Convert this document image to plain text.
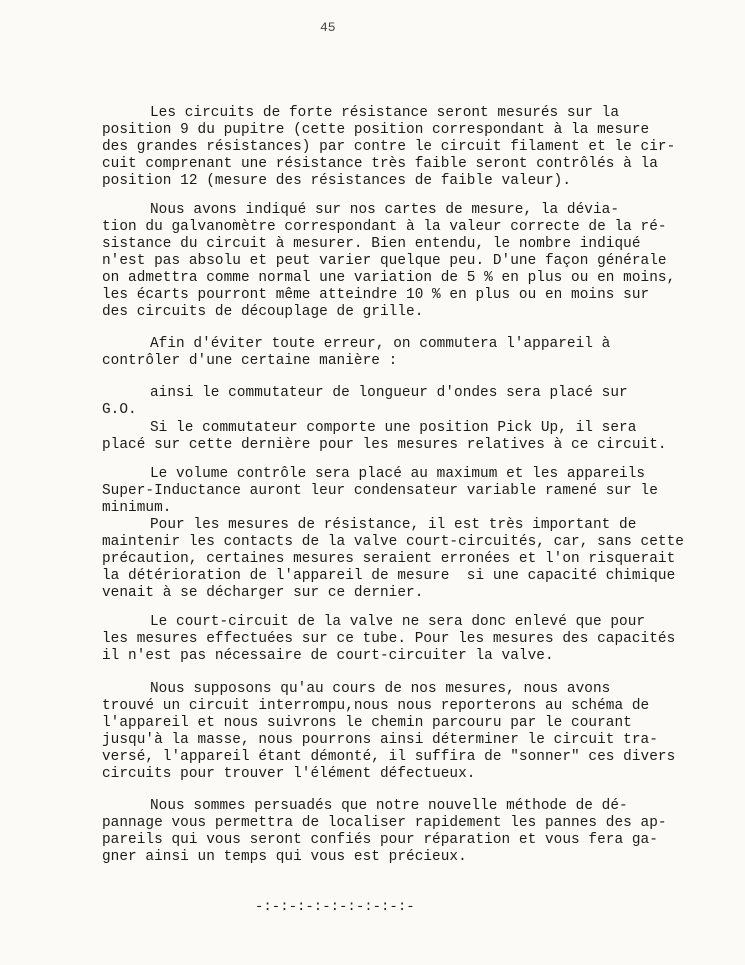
45
Les circuits de forte résistance seront mesurés sur la
position 9 du pupitre (cette position correspondant à la mesure
des grandes résistances) par contre le circuit filament et le cir-
cuit comprenant une résistance très faible seront contrôlés à la
position 12 (mesure des résistances de faible valeur).
Nous avons indiqué sur nos cartes de mesure, la dévia-
tion du galvanomètre correspondant à la valeur correcte de la ré-
sistance du circuit à mesurer. Bien entendu, le nombre indiqué
n'est pas absolu et peut varier quelque peu. D'une façon générale
on admettra comme normal une variation de 5 % en plus ou en moins,
les écarts pourront même atteindre 10 % en plus ou en moins sur
des circuits de découplage de grille.
Afin d'éviter toute erreur, on commutera l'appareil à
contrôler d'une certaine manière :
ainsi le commutateur de longueur d'ondes sera placé sur
G.O.
Si le commutateur comporte une position Pick Up, il sera
placé sur cette dernière pour les mesures relatives à ce circuit.
Le volume contrôle sera placé au maximum et les appareils
Super-Inductance auront leur condensateur variable ramené sur le
minimum.
Pour les mesures de résistance, il est très important de
maintenir les contacts de la valve court-circuités, car, sans cette
précaution, certaines mesures seraient erronées et l'on risquerait
la détérioration de l'appareil de mesure  si une capacité chimique
venait à se décharger sur ce dernier.
Le court-circuit de la valve ne sera donc enlevé que pour
les mesures effectuées sur ce tube. Pour les mesures des capacités
il n'est pas nécessaire de court-circuiter la valve.
Nous supposons qu'au cours de nos mesures, nous avons
trouvé un circuit interrompu,nous nous reporterons au schéma de
l'appareil et nous suivrons le chemin parcouru par le courant
jusqu'à la masse, nous pourrons ainsi déterminer le circuit tra-
versé, l'appareil étant démonté, il suffira de "sonner" ces divers
circuits pour trouver l'élément défectueux.
Nous sommes persuadés que notre nouvelle méthode de dé-
pannage vous permettra de localiser rapidement les pannes des ap-
pareils qui vous seront confiés pour réparation et vous fera ga-
gner ainsi un temps qui vous est précieux.
-:-:-:-:-:-:-:-:-:-
